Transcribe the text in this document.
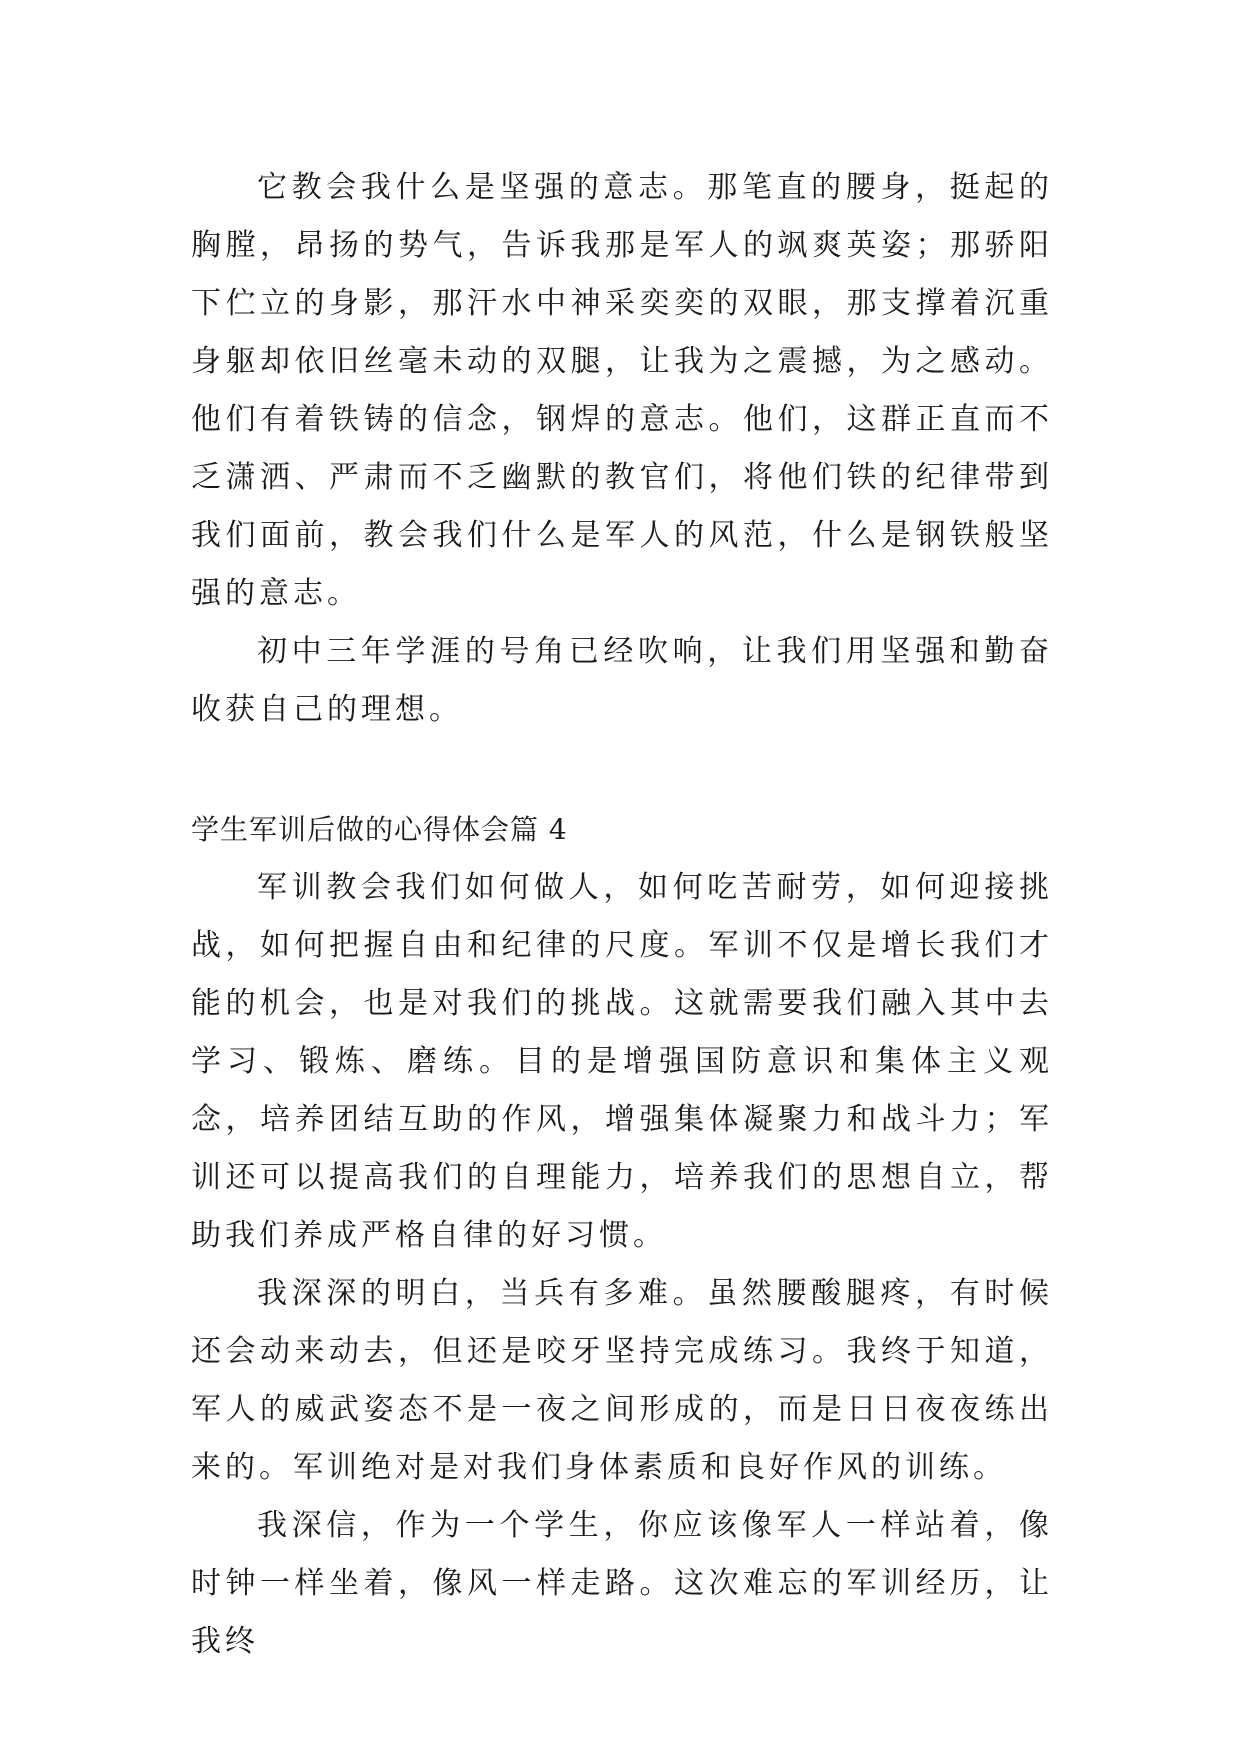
它教会我什么是坚强的意志。那笔直的腰身，挺起的胸膛，昂扬的势气，告诉我那是军人的飒爽英姿；那骄阳下伫立的身影，那汗水中神采奕奕的双眼，那支撑着沉重身躯却依旧丝毫未动的双腿，让我为之震撼，为之感动。他们有着铁铸的信念，钢焊的意志。他们，这群正直而不乏潇洒、严肃而不乏幽默的教官们，将他们铁的纪律带到我们面前，教会我们什么是军人的风范，什么是钢铁般坚强的意志。

初中三年学涯的号角已经吹响，让我们用坚强和勤奋收获自己的理想。

学生军训后做的心得体会篇 4

军训教会我们如何做人，如何吃苦耐劳，如何迎接挑战，如何把握自由和纪律的尺度。军训不仅是增长我们才能的机会，也是对我们的挑战。这就需要我们融入其中去学习、锻炼、磨练。目的是增强国防意识和集体主义观念，培养团结互助的作风，增强集体凝聚力和战斗力；军训还可以提高我们的自理能力，培养我们的思想自立，帮助我们养成严格自律的好习惯。

我深深的明白，当兵有多难。虽然腰酸腿疼，有时候还会动来动去，但还是咬牙坚持完成练习。我终于知道，军人的威武姿态不是一夜之间形成的，而是日日夜夜练出来的。军训绝对是对我们身体素质和良好作风的训练。

我深信，作为一个学生，你应该像军人一样站着，像时钟一样坐着，像风一样走路。这次难忘的军训经历，让我终
